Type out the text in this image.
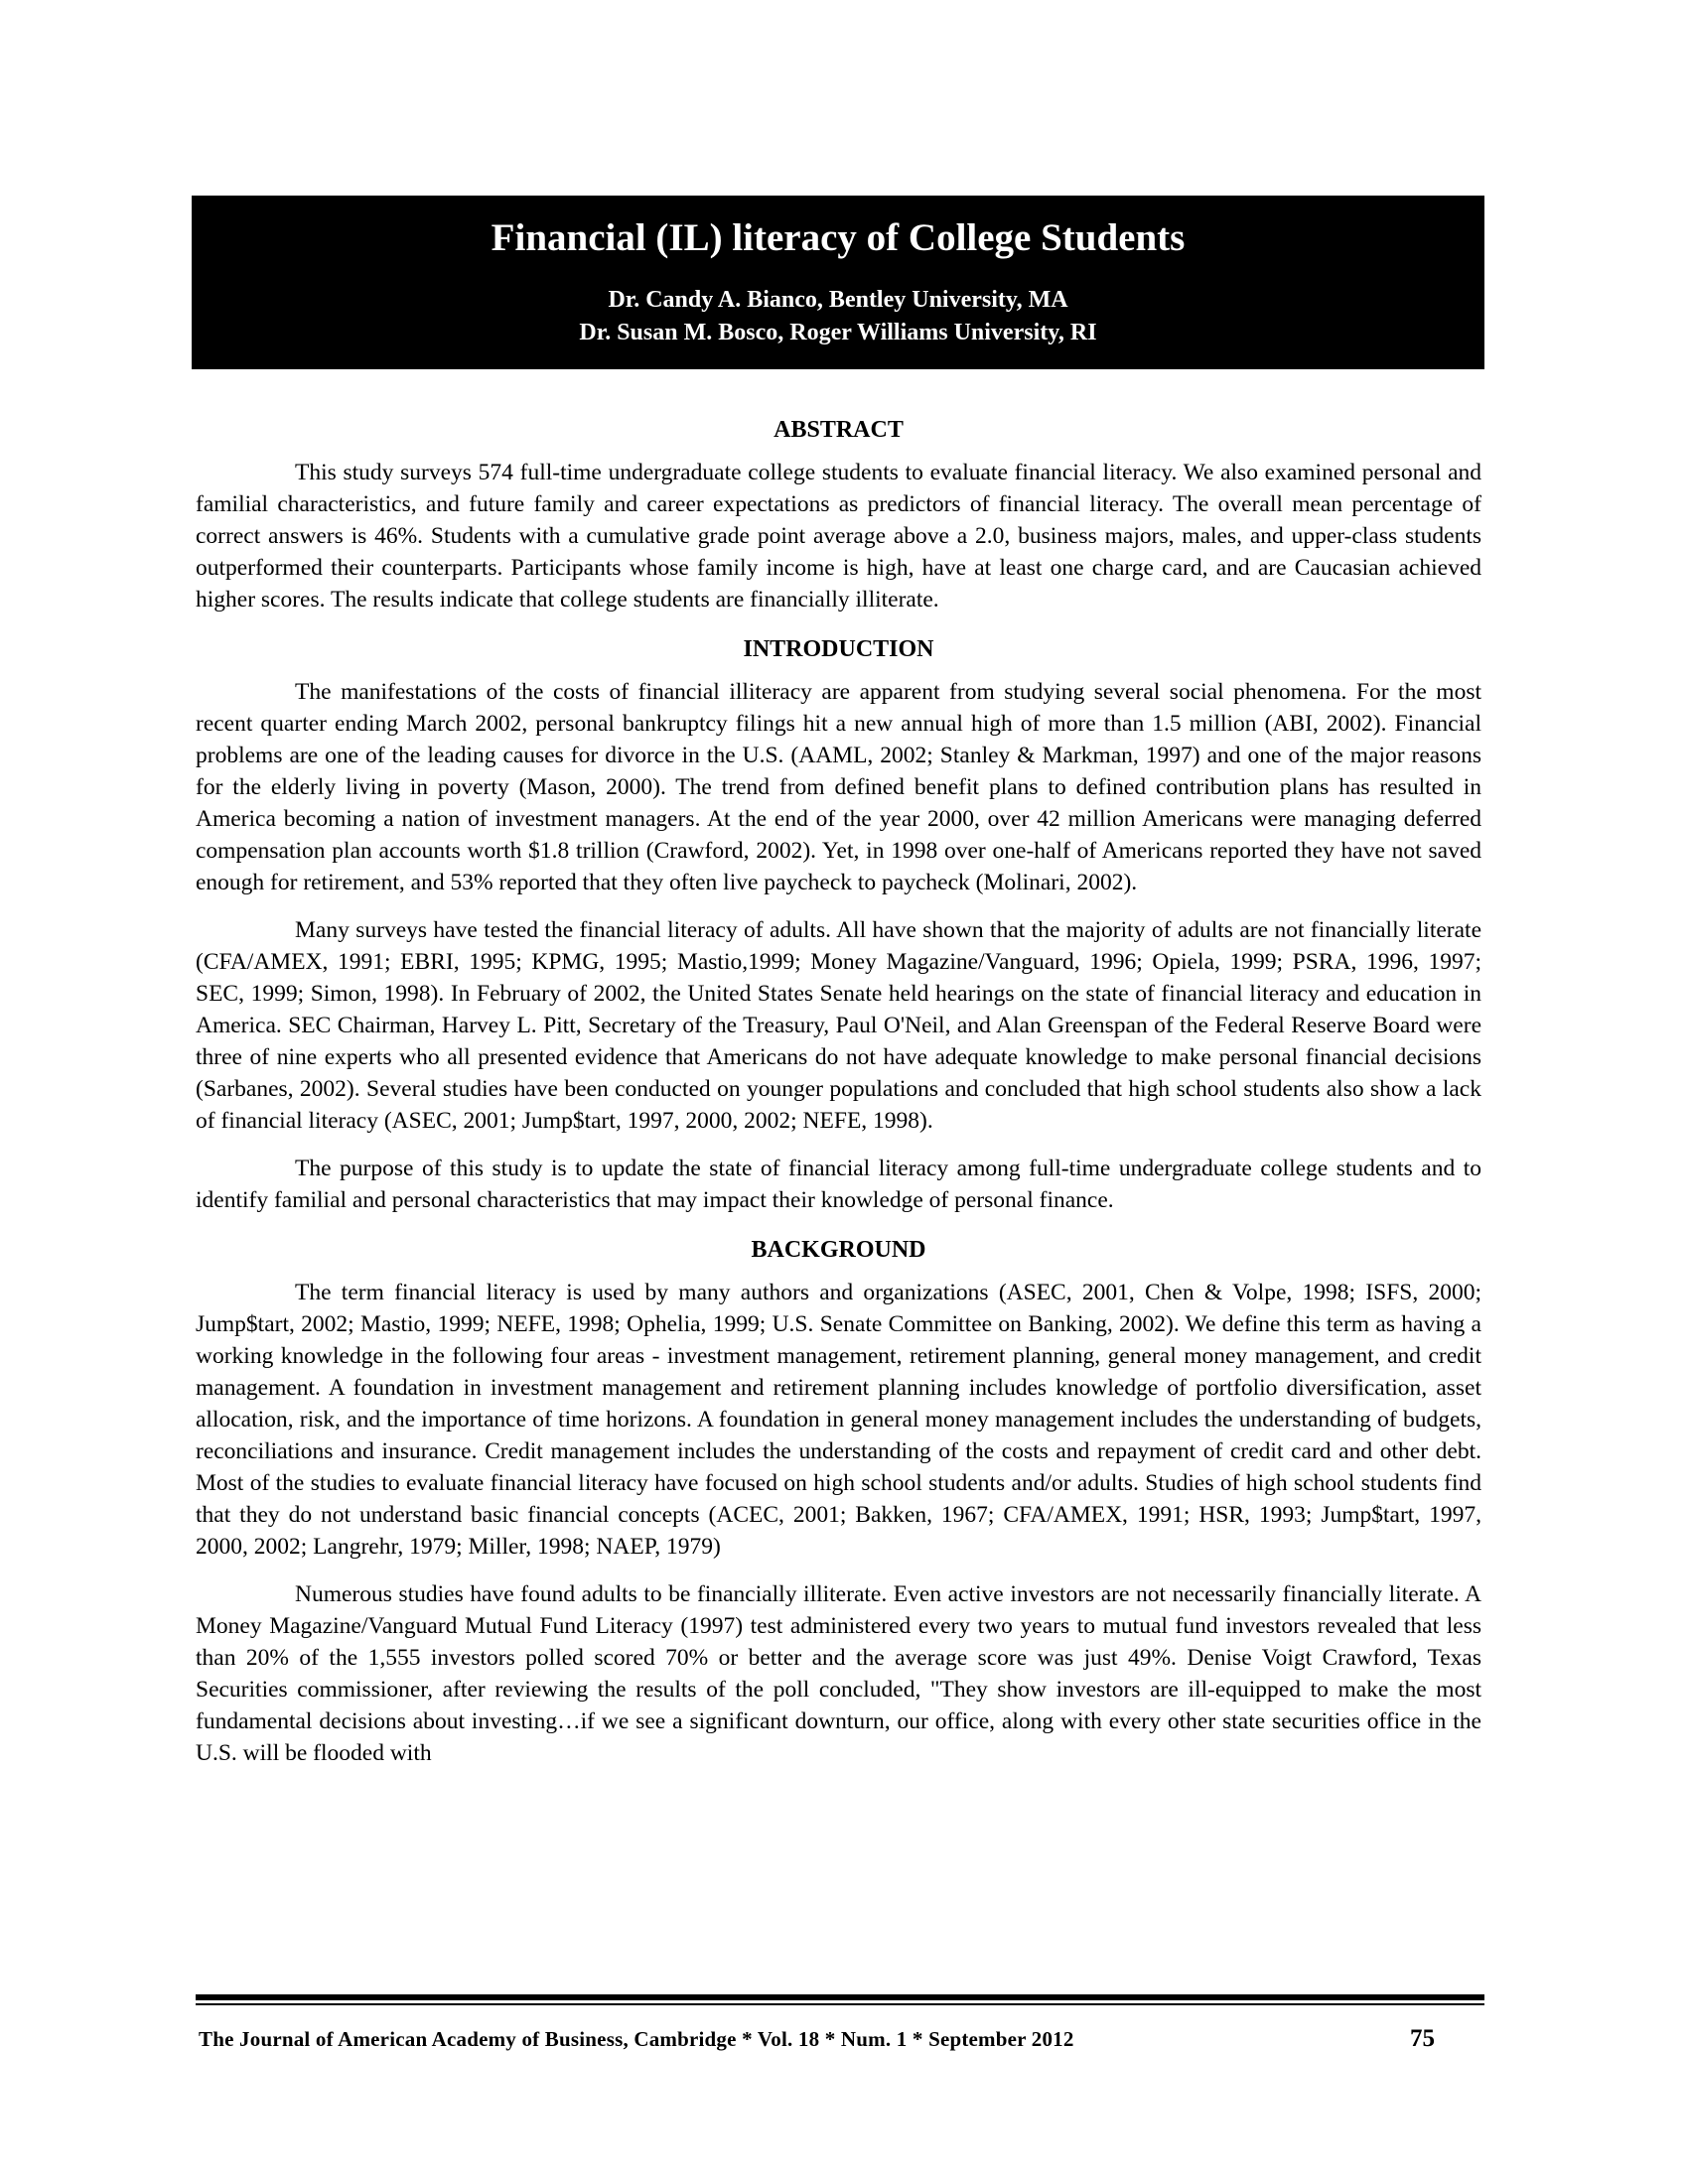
Financial (IL) literacy of College Students
Dr. Candy A. Bianco, Bentley University, MA
Dr. Susan M. Bosco, Roger Williams University, RI
ABSTRACT

This study surveys 574 full-time undergraduate college students to evaluate financial literacy. We also examined personal and familial characteristics, and future family and career expectations as predictors of financial literacy. The overall mean percentage of correct answers is 46%. Students with a cumulative grade point average above a 2.0, business majors, males, and upper-class students outperformed their counterparts. Participants whose family income is high, have at least one charge card, and are Caucasian achieved higher scores. The results indicate that college students are financially illiterate.

INTRODUCTION

The manifestations of the costs of financial illiteracy are apparent from studying several social phenomena. For the most recent quarter ending March 2002, personal bankruptcy filings hit a new annual high of more than 1.5 million (ABI, 2002). Financial problems are one of the leading causes for divorce in the U.S. (AAML, 2002; Stanley & Markman, 1997) and one of the major reasons for the elderly living in poverty (Mason, 2000). The trend from defined benefit plans to defined contribution plans has resulted in America becoming a nation of investment managers. At the end of the year 2000, over 42 million Americans were managing deferred compensation plan accounts worth $1.8 trillion (Crawford, 2002). Yet, in 1998 over one-half of Americans reported they have not saved enough for retirement, and 53% reported that they often live paycheck to paycheck (Molinari, 2002).

Many surveys have tested the financial literacy of adults. All have shown that the majority of adults are not financially literate (CFA/AMEX, 1991; EBRI, 1995; KPMG, 1995; Mastio,1999; Money Magazine/Vanguard, 1996; Opiela, 1999; PSRA, 1996, 1997; SEC, 1999; Simon, 1998). In February of 2002, the United States Senate held hearings on the state of financial literacy and education in America. SEC Chairman, Harvey L. Pitt, Secretary of the Treasury, Paul O'Neil, and Alan Greenspan of the Federal Reserve Board were three of nine experts who all presented evidence that Americans do not have adequate knowledge to make personal financial decisions (Sarbanes, 2002). Several studies have been conducted on younger populations and concluded that high school students also show a lack of financial literacy (ASEC, 2001; Jump$tart, 1997, 2000, 2002; NEFE, 1998).

The purpose of this study is to update the state of financial literacy among full-time undergraduate college students and to identify familial and personal characteristics that may impact their knowledge of personal finance.

BACKGROUND

The term financial literacy is used by many authors and organizations (ASEC, 2001, Chen & Volpe, 1998; ISFS, 2000; Jump$tart, 2002; Mastio, 1999; NEFE, 1998; Ophelia, 1999; U.S. Senate Committee on Banking, 2002). We define this term as having a working knowledge in the following four areas - investment management, retirement planning, general money management, and credit management. A foundation in investment management and retirement planning includes knowledge of portfolio diversification, asset allocation, risk, and the importance of time horizons. A foundation in general money management includes the understanding of budgets, reconciliations and insurance. Credit management includes the understanding of the costs and repayment of credit card and other debt. Most of the studies to evaluate financial literacy have focused on high school students and/or adults. Studies of high school students find that they do not understand basic financial concepts (ACEC, 2001; Bakken, 1967; CFA/AMEX, 1991; HSR, 1993; Jump$tart, 1997, 2000, 2002; Langrehr, 1979; Miller, 1998; NAEP, 1979)

Numerous studies have found adults to be financially illiterate. Even active investors are not necessarily financially literate. A Money Magazine/Vanguard Mutual Fund Literacy (1997) test administered every two years to mutual fund investors revealed that less than 20% of the 1,555 investors polled scored 70% or better and the average score was just 49%. Denise Voigt Crawford, Texas Securities commissioner, after reviewing the results of the poll concluded, "They show investors are ill-equipped to make the most fundamental decisions about investing…if we see a significant downturn, our office, along with every other state securities office in the U.S. will be flooded with

The Journal of American Academy of Business, Cambridge * Vol. 18 * Num. 1 * September 2012	75
